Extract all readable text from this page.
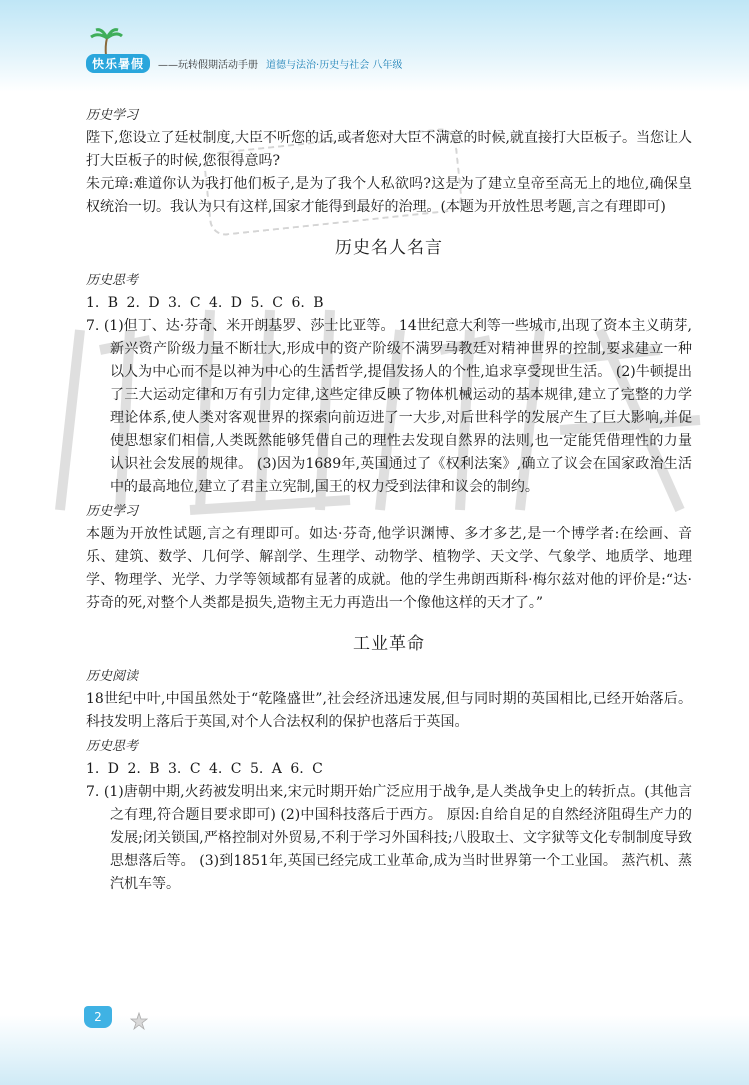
快乐暑假	——玩转假期活动手册 道德与法治·历史与社会 八年级
历史学习
陛下,您设立了廷杖制度,大臣不听您的话,或者您对大臣不满意的时候,就直接打大臣板子。当您让人打大臣板子的时候,您很得意吗?
朱元璋:难道你认为我打他们板子,是为了我个人私欲吗?这是为了建立皇帝至高无上的地位,确保皇权统治一切。我认为只有这样,国家才能得到最好的治理。(本题为开放性思考题,言之有理即可)
历史名人名言
历史思考
1. B 2. D 3. C 4. D 5. C 6. B
7. (1)但丁、达·芬奇、米开朗基罗、莎士比亚等。 14世纪意大利等一些城市,出现了资本主义萌芽,新兴资产阶级力量不断壮大,形成中的资产阶级不满罗马教廷对精神世界的控制,要求建立一种以人为中心而不是以神为中心的生活哲学,提倡发扬人的个性,追求享受现世生活。 (2)牛顿提出了三大运动定律和万有引力定律,这些定律反映了物体机械运动的基本规律,建立了完整的力学理论体系,使人类对客观世界的探索向前迈进了一大步,对后世科学的发展产生了巨大影响,并促使思想家们相信,人类既然能够凭借自己的理性去发现自然界的法则,也一定能凭借理性的力量认识社会发展的规律。 (3)因为1689年,英国通过了《权利法案》,确立了议会在国家政治生活中的最高地位,建立了君主立宪制,国王的权力受到法律和议会的制约。
历史学习
本题为开放性试题,言之有理即可。如达·芬奇,他学识渊博、多才多艺,是一个博学者:在绘画、音乐、建筑、数学、几何学、解剖学、生理学、动物学、植物学、天文学、气象学、地质学、地理学、物理学、光学、力学等领域都有显著的成就。他的学生弗朗西斯科·梅尔兹对他的评价是:“达·芬奇的死,对整个人类都是损失,造物主无力再造出一个像他这样的天才了。”
工业革命
历史阅读
18世纪中叶,中国虽然处于“乾隆盛世”,社会经济迅速发展,但与同时期的英国相比,已经开始落后。科技发明上落后于英国,对个人合法权利的保护也落后于英国。
历史思考
1. D 2. B 3. C 4. C 5. A 6. C
7. (1)唐朝中期,火药被发明出来,宋元时期开始广泛应用于战争,是人类战争史上的转折点。(其他言之有理,符合题目要求即可) (2)中国科技落后于西方。 原因:自给自足的自然经济阻碍生产力的发展;闭关锁国,严格控制对外贸易,不利于学习外国科技;八股取士、文字狱等文化专制制度导致思想落后等。 (3)到1851年,英国已经完成工业革命,成为当时世界第一个工业国。 蒸汽机、蒸汽机车等。
2
